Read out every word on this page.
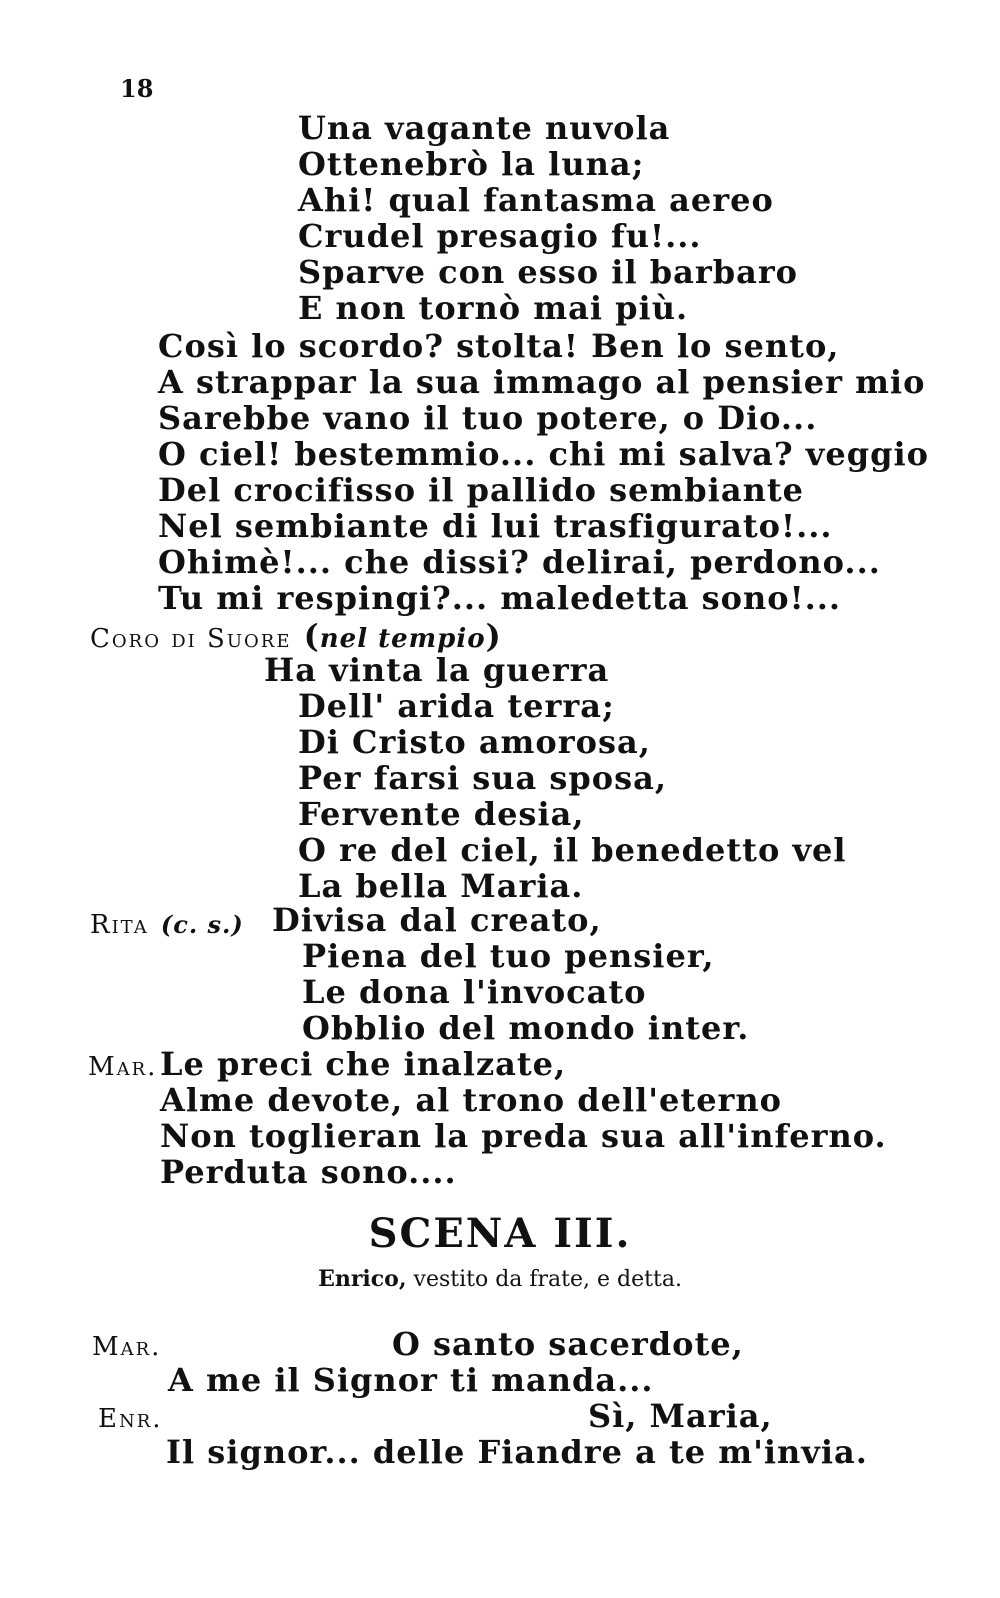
18
Una vagante nuvola
Ottenebrò la luna;
Ahi! qual fantasma aereo
Crudel presagio fu!...
Sparve con esso il barbaro
E non tornò mai più.
Così lo scordo? stolta! Ben lo sento,
A strappar la sua immago al pensier mio
Sarebbe vano il tuo potere, o Dio...
O ciel! bestemmio... chi mi salva? veggio
Del crocifisso il pallido sembiante
Nel sembiante di lui trasfigurato!...
Ohimè!... che dissi? delirai, perdono...
Tu mi respingi?... maledetta sono!...
Coro di Suore (nel tempio)
Ha vinta la guerra
Dell' arida terra;
Di Cristo amorosa,
Per farsi sua sposa,
Fervente desia,
O re del ciel, il benedetto vel
La bella Maria.
Rita (c. s.) Divisa dal creato,
Piena del tuo pensier,
Le dona l'invocato
Obblio del mondo inter.
Mar. Le preci che inalzate,
Alme devote, al trono dell'eterno
Non toglieran la preda sua all'inferno.
Perduta sono....
SCENA III.
Enrico, vestito da frate, e detta.
Mar.	O santo sacerdote,
A me il Signor ti manda...
Enr.	Sì, Maria,
Il signor... delle Fiandre a te m'invia.
